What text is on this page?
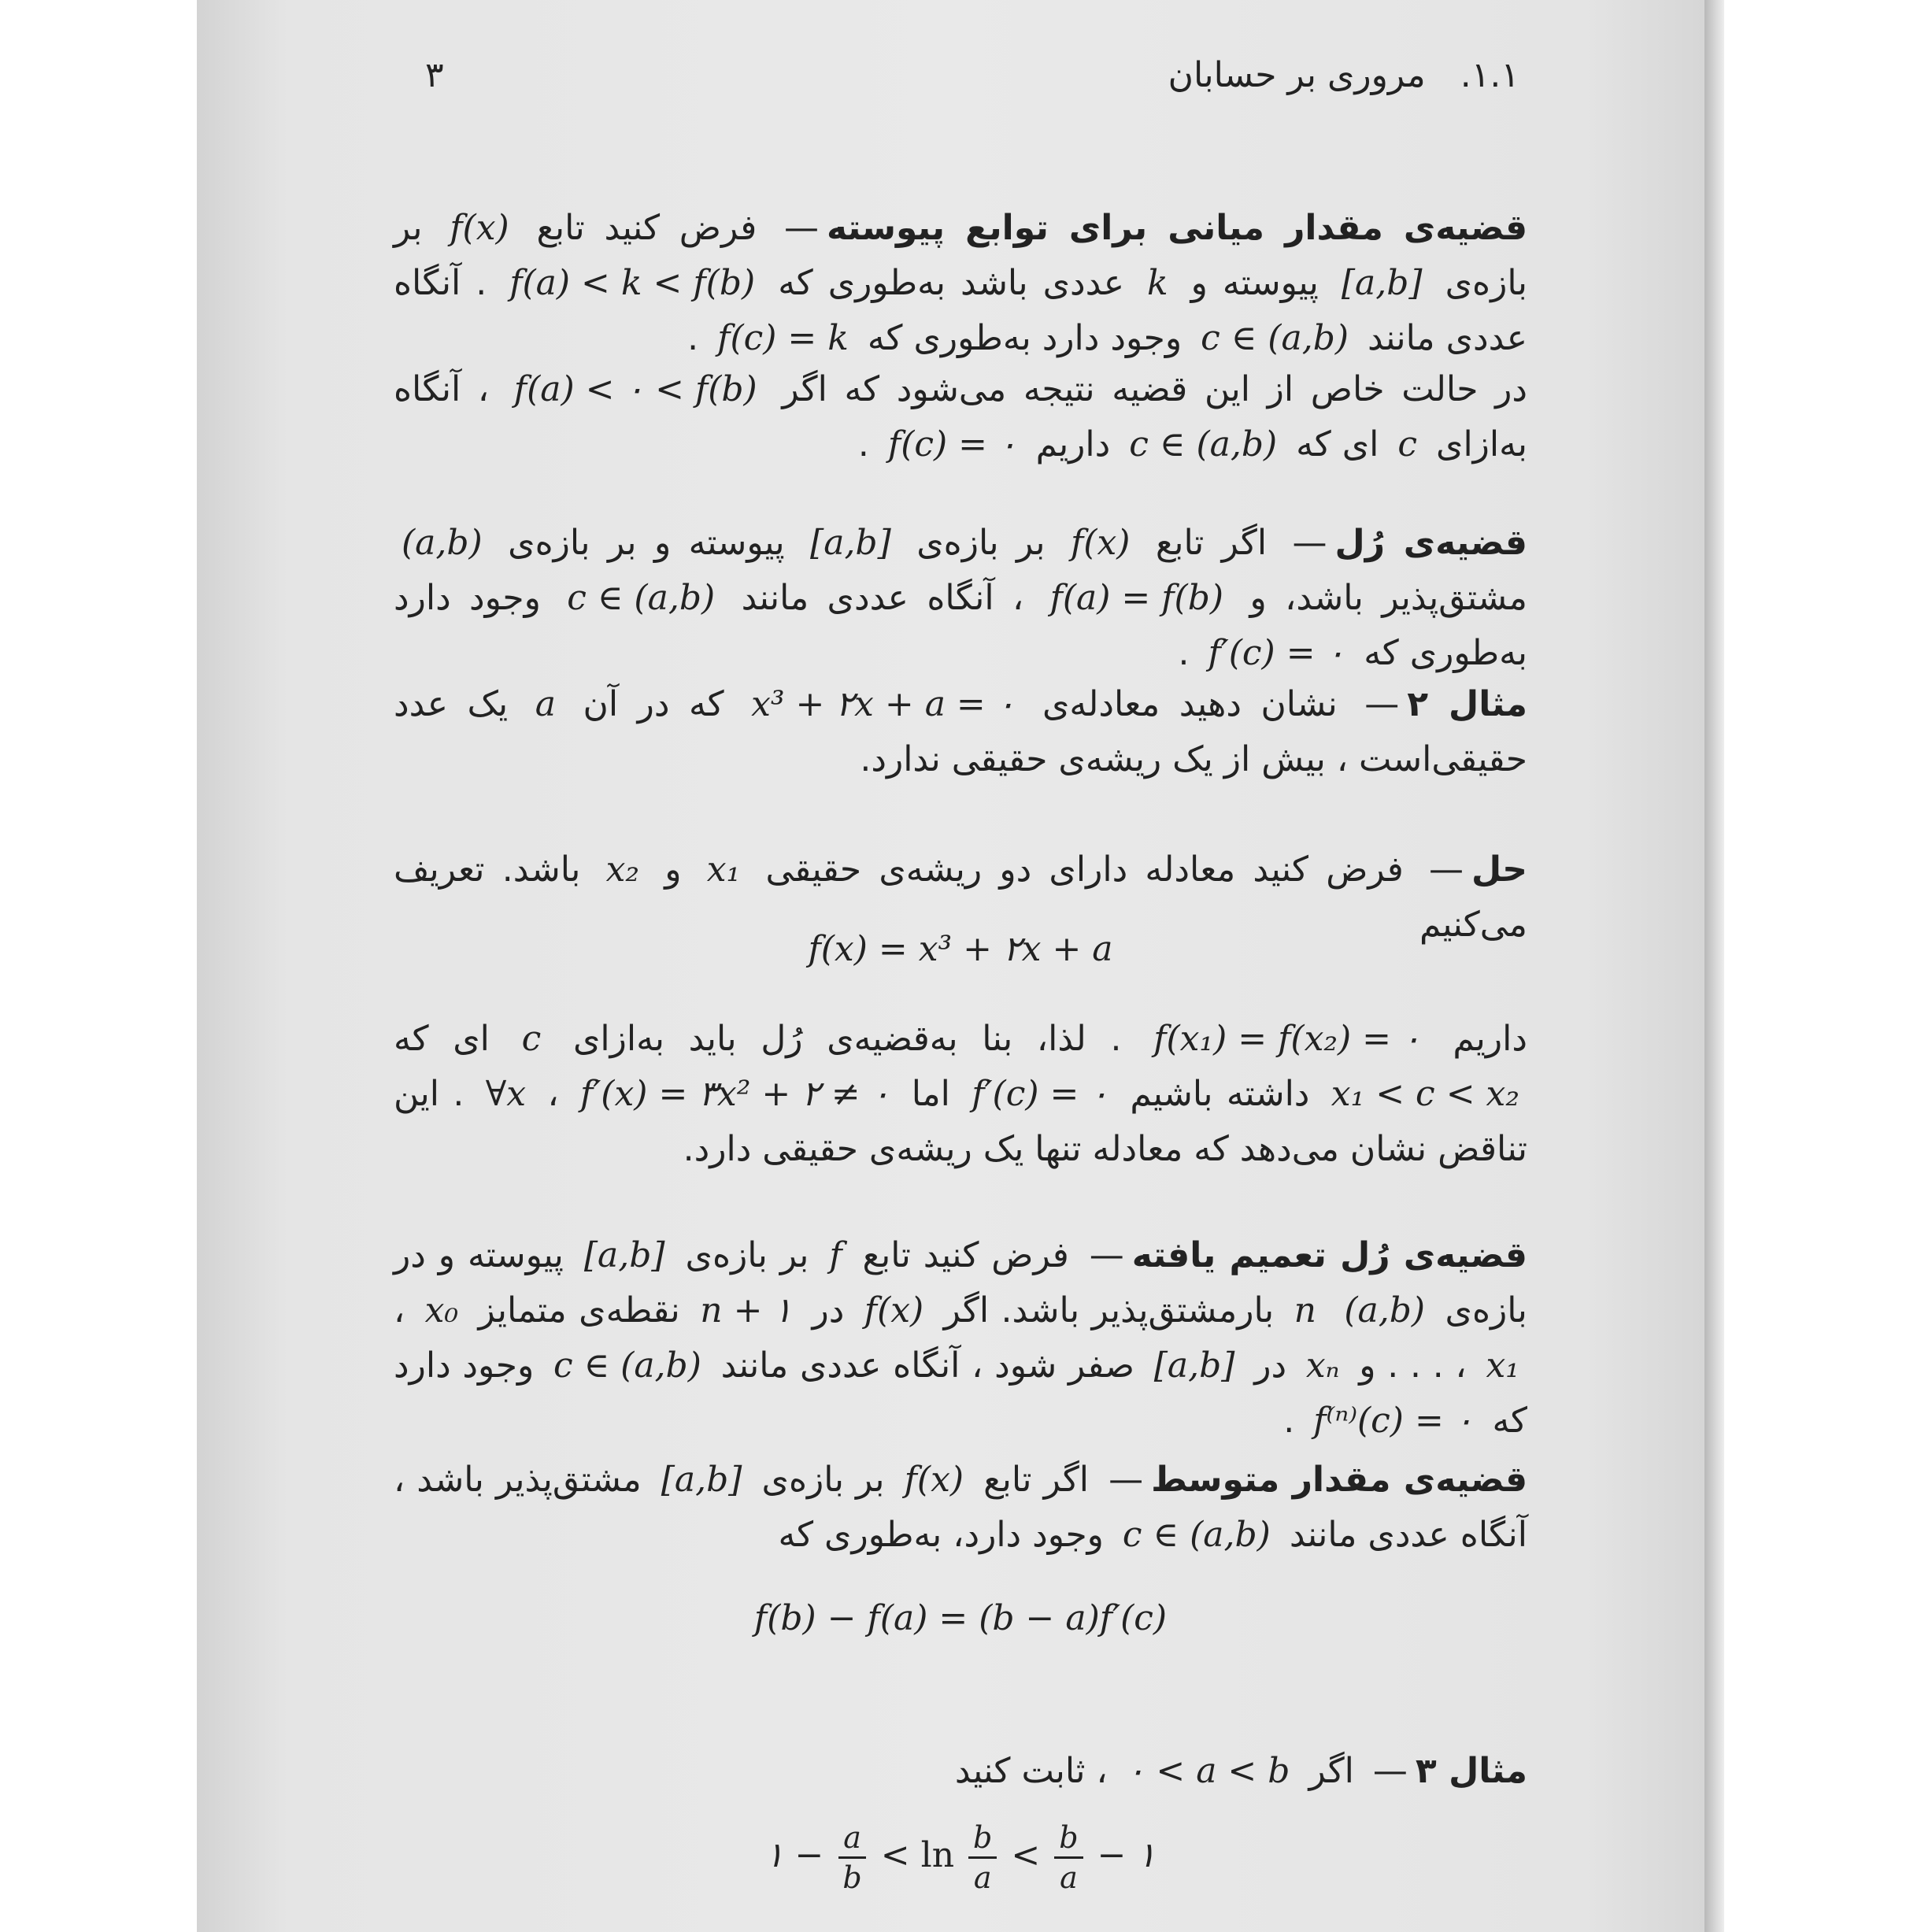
۱.۱. مروری بر حسابان
۳
قضیه‌ی مقدار میانی برای توابع پیوسته— فرض کنید تابع f(x) بر بازه‌ی [a,b] پیوسته و k عددی باشد به‌طوری که f(a) < k < f(b) . آنگاه عددی مانند c ∈ (a,b) وجود دارد به‌طوری که f(c) = k .
در حالت خاص از این قضیه نتیجه می‌شود که اگر f(a) < ۰ < f(b) ، آنگاه به‌ازای c ای که c ∈ (a,b) داریم f(c) = ۰ .
قضیه‌ی رُل— اگر تابع f(x) بر بازه‌ی [a,b] پیوسته و بر بازه‌ی (a,b) مشتق‌پذیر باشد، و f(a) = f(b) ، آنگاه عددی مانند c ∈ (a,b) وجود دارد به‌طوری که f′(c) = ۰ .
مثال ۲— نشان دهید معادله‌ی x³ + ۲x + a = ۰ که در آن a یک عدد حقیقی‌است ، بیش از یک ریشه‌ی حقیقی ندارد.
حل— فرض کنید معادله دارای دو ریشه‌ی حقیقی x₁ و x₂ باشد. تعریف می‌کنیم
f(x) = x³ + ۲x + a
داریم f(x₁) = f(x₂) = ۰ . لذا، بنا به‌قضیه‌ی رُل باید به‌ازای c ای که x₁ < c < x₂ داشته باشیم f′(c) = ۰ اما f′(x) = ۳x² + ۲ ≠ ۰ ، ∀x . این تناقض نشان می‌دهد که معادله تنها یک ریشه‌ی حقیقی دارد.
قضیه‌ی رُل تعمیم یافته— فرض کنید تابع f بر بازه‌ی [a,b] پیوسته و در بازه‌ی (a,b) n بارمشتق‌پذیر باشد. اگر f(x) در n + ۱ نقطه‌ی متمایز x₀ ، x₁ ، . . . و xₙ در [a,b] صفر شود ، آنگاه عددی مانند c ∈ (a,b) وجود دارد که f⁽ⁿ⁾(c) = ۰ .
قضیه‌ی مقدار متوسط— اگر تابع f(x) بر بازه‌ی [a,b] مشتق‌پذیر باشد ، آنگاه عددی مانند c ∈ (a,b) وجود دارد، به‌طوری که
f(b) − f(a) = (b − a)f′(c)
مثال ۳— اگر ۰ < a < b ، ثابت کنید
۱ − $\frac{a}{b} < \ln \frac{b}{a} < \frac{b}{a}$ − ۱
